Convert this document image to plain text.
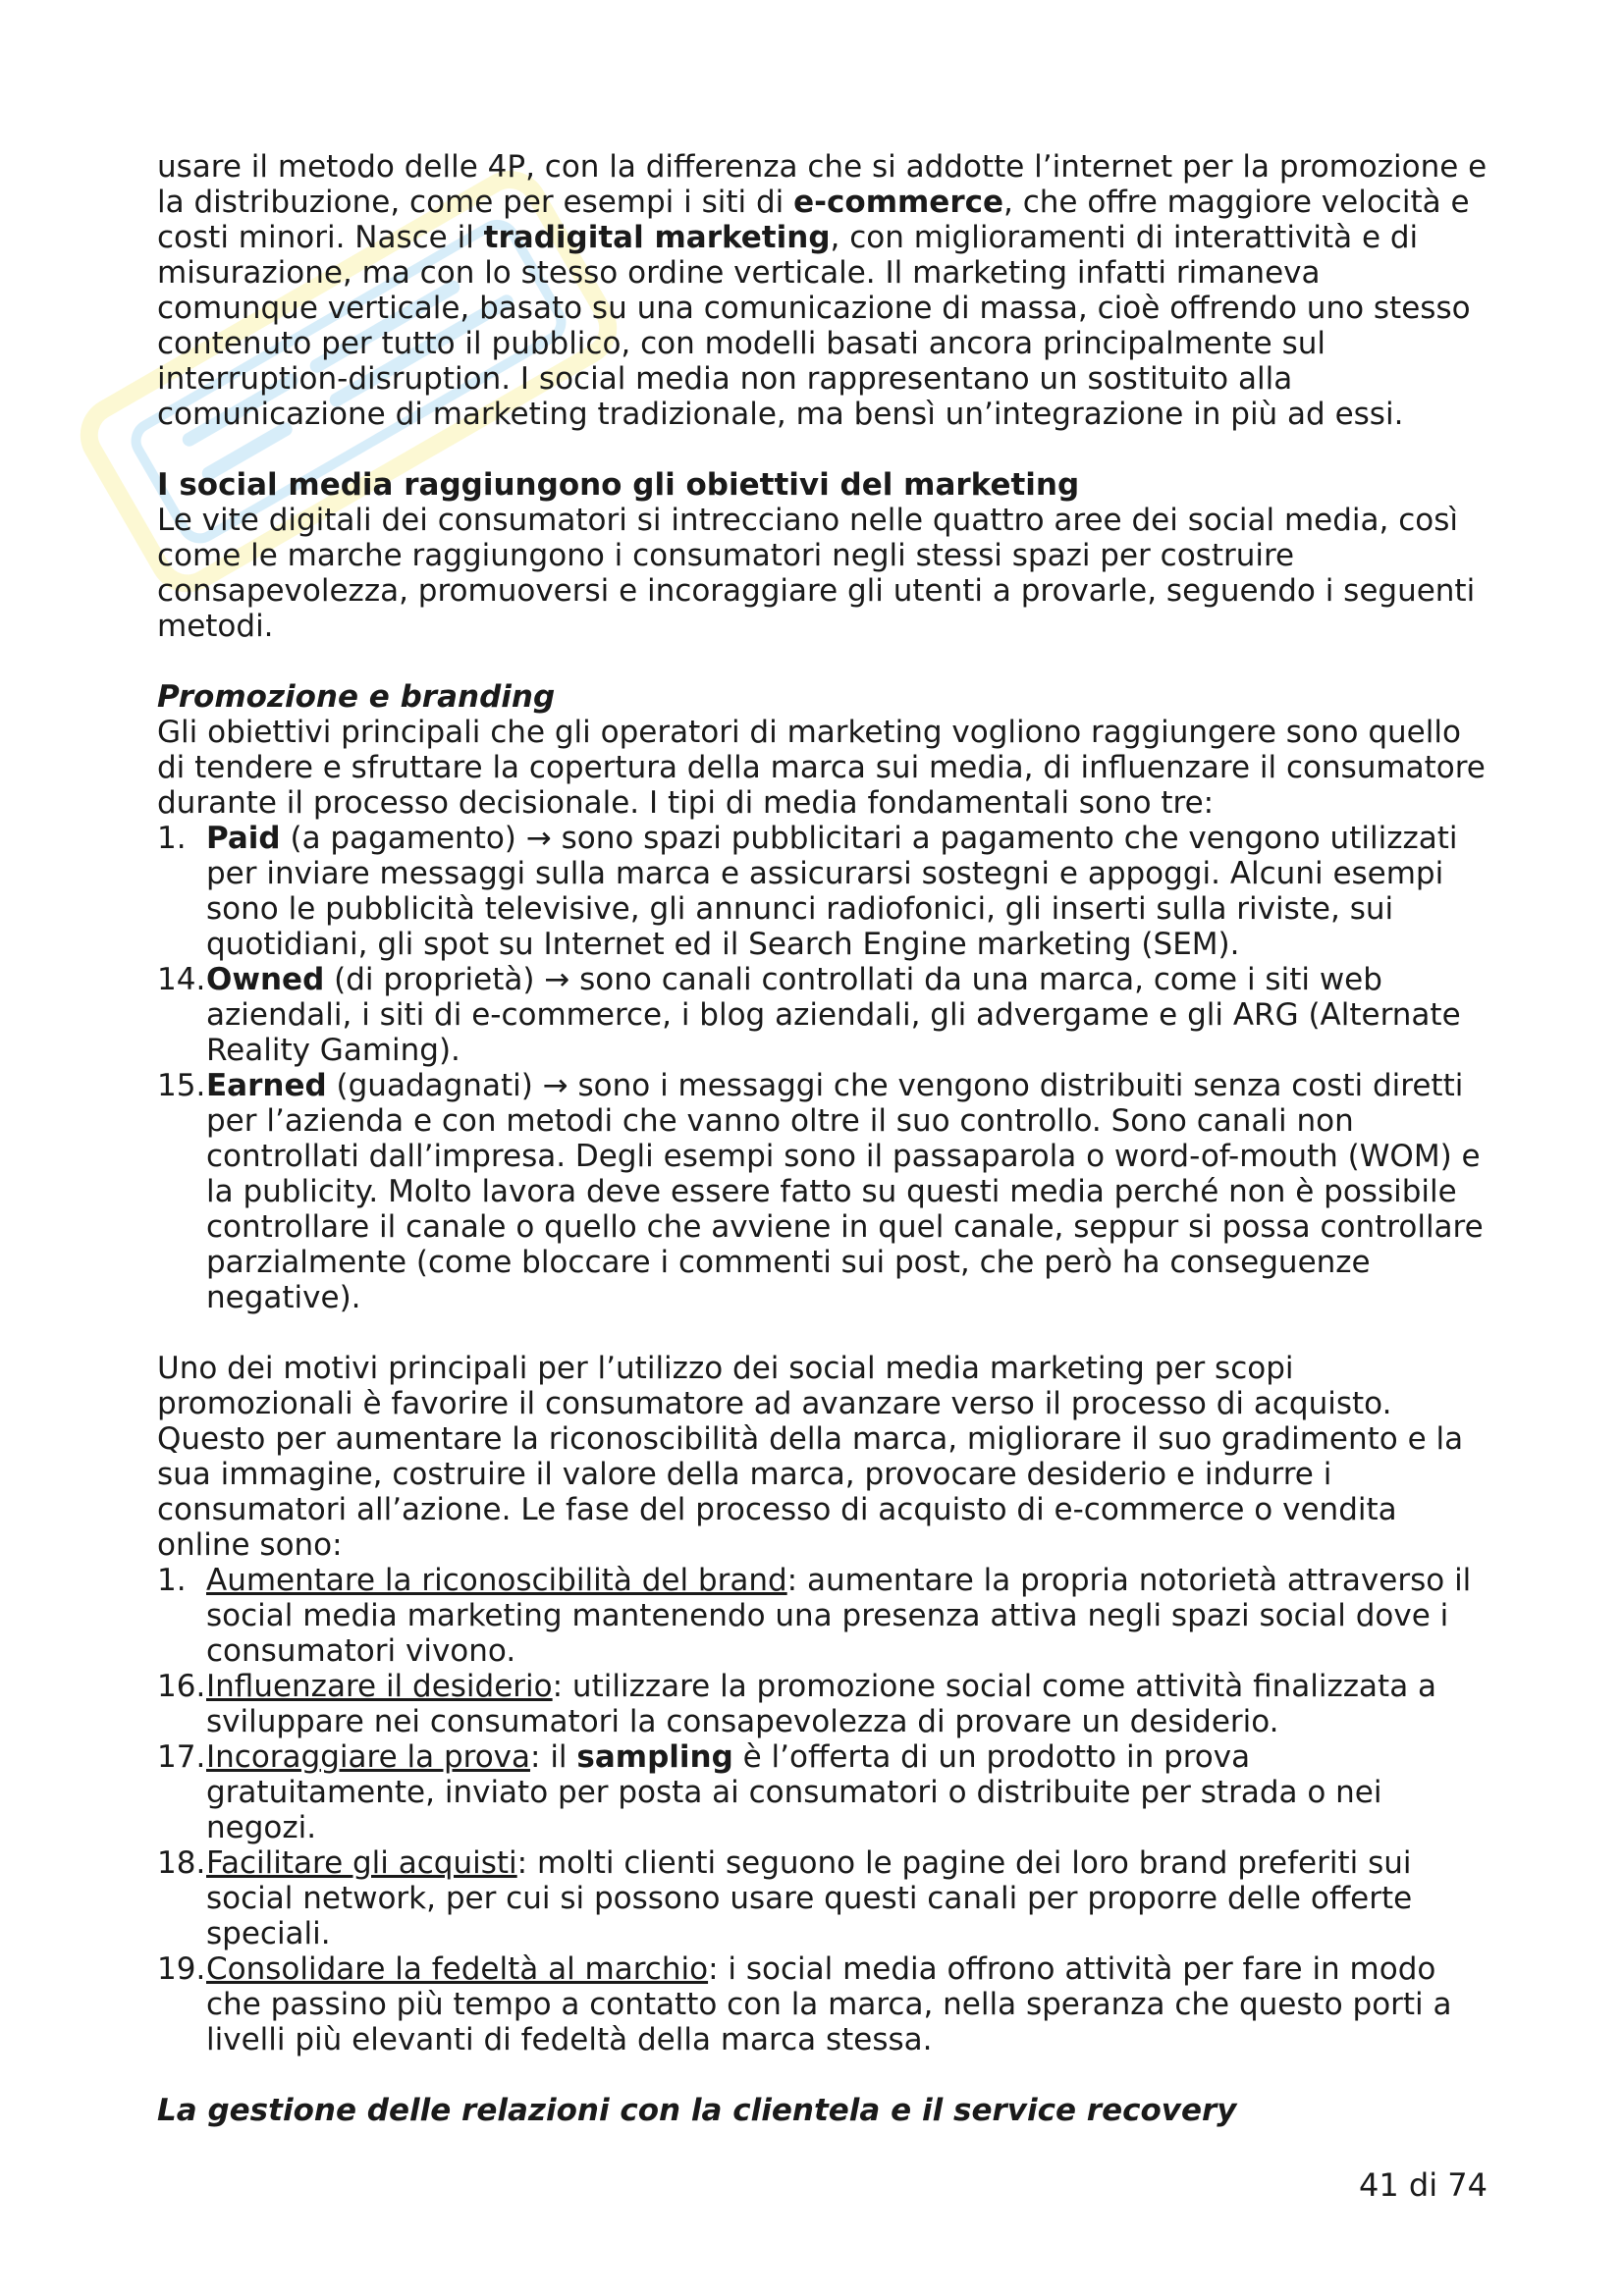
usare il metodo delle 4P, con la differenza che si addotte l’internet per la promozione e la distribuzione, come per esempi i siti di e-commerce, che offre maggiore velocità e costi minori. Nasce il tradigital marketing, con miglioramenti di interattività e di misurazione, ma con lo stesso ordine verticale. Il marketing infatti rimaneva comunque verticale, basato su una comunicazione di massa, cioè offrendo uno stesso contenuto per tutto il pubblico, con modelli basati ancora principalmente sul interruption-disruption. I social media non rappresentano un sostituito alla comunicazione di marketing tradizionale, ma bensì un’integrazione in più ad essi.

I social media raggiungono gli obiettivi del marketing

Le vite digitali dei consumatori si intrecciano nelle quattro aree dei social media, così come le marche raggiungono i consumatori negli stessi spazi per costruire consapevolezza, promuoversi e incoraggiare gli utenti a provarle, seguendo i seguenti metodi.

Promozione e branding

Gli obiettivi principali che gli operatori di marketing vogliono raggiungere sono quello di tendere e sfruttare la copertura della marca sui media, di influenzare il consumatore durante il processo decisionale. I tipi di media fondamentali sono tre:

1. Paid (a pagamento) → sono spazi pubblicitari a pagamento che vengono utilizzati per inviare messaggi sulla marca e assicurarsi sostegni e appoggi. Alcuni esempi sono le pubblicità televisive, gli annunci radiofonici, gli inserti sulla riviste, sui quotidiani, gli spot su Internet ed il Search Engine marketing (SEM).
14. Owned (di proprietà) → sono canali controllati da una marca, come i siti web aziendali, i siti di e-commerce, i blog aziendali, gli advergame e gli ARG (Alternate Reality Gaming).
15. Earned (guadagnati) → sono i messaggi che vengono distribuiti senza costi diretti per l’azienda e con metodi che vanno oltre il suo controllo. Sono canali non controllati dall’impresa. Degli esempi sono il passaparola o word-of-mouth (WOM) e la publicity. Molto lavora deve essere fatto su questi media perché non è possibile controllare il canale o quello che avviene in quel canale, seppur si possa controllare parzialmente (come bloccare i commenti sui post, che però ha conseguenze negative).

Uno dei motivi principali per l’utilizzo dei social media marketing per scopi promozionali è favorire il consumatore ad avanzare verso il processo di acquisto. Questo per aumentare la riconoscibilità della marca, migliorare il suo gradimento e la sua immagine, costruire il valore della marca, provocare desiderio e indurre i consumatori all’azione. Le fase del processo di acquisto di e-commerce o vendita online sono:

1. Aumentare la riconoscibilità del brand: aumentare la propria notorietà attraverso il social media marketing mantenendo una presenza attiva negli spazi social dove i consumatori vivono.
16. Influenzare il desiderio: utilizzare la promozione social come attività finalizzata a sviluppare nei consumatori la consapevolezza di provare un desiderio.
17. Incoraggiare la prova: il sampling è l’offerta di un prodotto in prova gratuitamente, inviato per posta ai consumatori o distribuite per strada o nei negozi.
18. Facilitare gli acquisti: molti clienti seguono le pagine dei loro brand preferiti sui social network, per cui si possono usare questi canali per proporre delle offerte speciali.
19. Consolidare la fedeltà al marchio: i social media offrono attività per fare in modo che passino più tempo a contatto con la marca, nella speranza che questo porti a livelli più elevanti di fedeltà della marca stessa.

La gestione delle relazioni con la clientela e il service recovery

41 di 74
